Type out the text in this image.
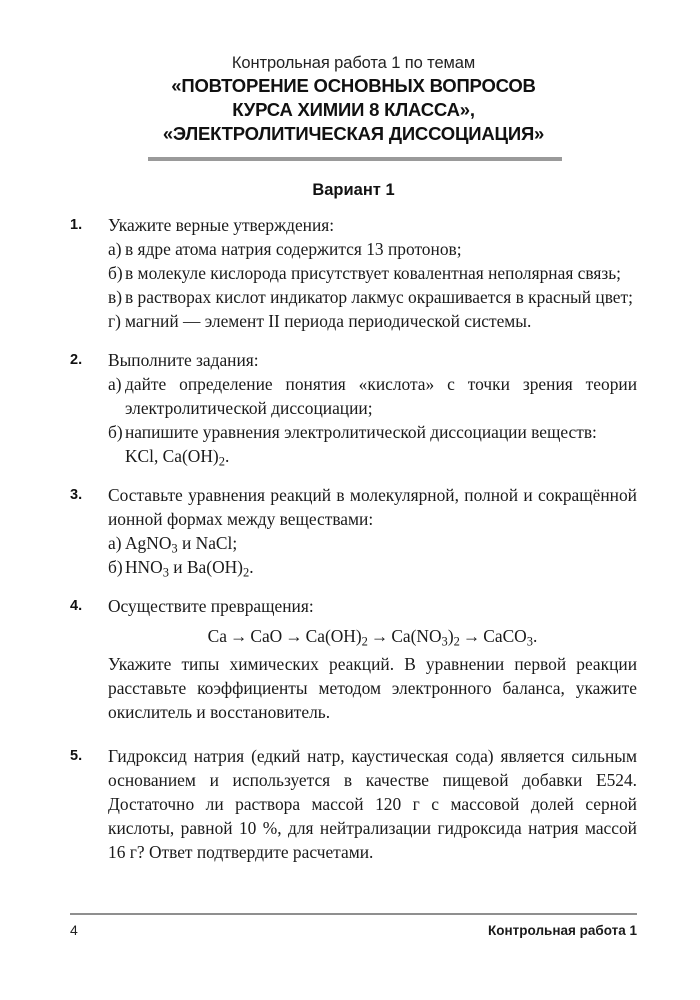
Контрольная работа 1 по темам
«ПОВТОРЕНИЕ ОСНОВНЫХ ВОПРОСОВ
КУРСА ХИМИИ 8 КЛАССА»,
«ЭЛЕКТРОЛИТИЧЕСКАЯ ДИССОЦИАЦИЯ»
Вариант 1
1.	Укажите верные утверждения:
а) в ядре атома натрия содержится 13 протонов;
б) в молекуле кислорода присутствует ковалентная неполярная связь;
в) в растворах кислот индикатор лакмус окрашивается в красный цвет;
г) магний — элемент II периода периодической системы.
2.	Выполните задания:
а) дайте определение понятия «кислота» с точки зрения теории электролитической диссоциации;
б) напишите уравнения электролитической диссоциации веществ:
KCl, $Ca(OH)_2$.
3.	Составьте уравнения реакций в молекулярной, полной и сокращённой ионной формах между веществами:
а) AgNO$_3$ и NaCl;
б) $HNO_3$ и $Ba(OH)_2$.
4.	Осуществите превращения:
Ca → CaO → $Ca(OH)_2 \to Ca(NO_3)_2$ → CaCO$_3$.
Укажите типы химических реакций. В уравнении первой реакции расставьте коэффициенты методом электронного баланса, укажите окислитель и восстановитель.
5.	Гидроксид натрия (едкий натр, каустическая сода) является сильным основанием и используется в качестве пищевой добавки Е524. Достаточно ли раствора массой 120 г с массовой долей серной кислоты, равной 10 %, для нейтрализации гидроксида натрия массой 16 г? Ответ подтвердите расчетами.
4	Контрольная работа 1
